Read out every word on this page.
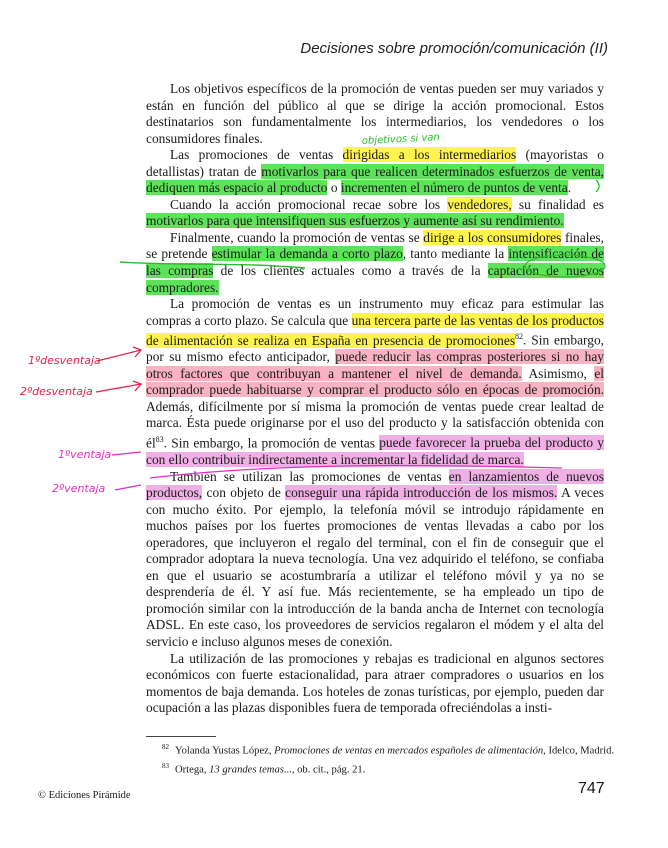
Decisiones sobre promoción/comunicación (II)

Los objetivos específicos de la promoción de ventas pueden ser muy variados y están en función del público al que se dirige la acción promocional. Estos destinatarios son fundamentalmente los intermediarios, los vendedores o los consumidores finales.

Las promociones de ventas dirigidas a los intermediarios (mayoristas o detallistas) tratan de motivarlos para que realicen determinados esfuerzos de venta, dediquen más espacio al producto o incrementen el número de puntos de venta.

Cuando la acción promocional recae sobre los vendedores, su finalidad es motivarlos para que intensifiquen sus esfuerzos y aumente así su rendimiento.

Finalmente, cuando la promoción de ventas se dirige a los consumidores finales, se pretende estimular la demanda a corto plazo, tanto mediante la intensificación de las compras de los clientes actuales como a través de la captación de nuevos compradores.

La promoción de ventas es un instrumento muy eficaz para estimular las compras a corto plazo. Se calcula que una tercera parte de las ventas de los productos de alimentación se realiza en España en presencia de promociones$^{82}$. Sin embargo, por su mismo efecto anticipador, puede reducir las compras posteriores si no hay otros factores que contribuyan a mantener el nivel de demanda. Asimismo, el comprador puede habituarse y comprar el producto sólo en épocas de promoción. Además, difícilmente por sí misma la promoción de ventas puede crear lealtad de marca. Ésta puede originarse por el uso del producto y la satisfacción obtenida con $él^{83}$. Sin embargo, la promoción de ventas puede favorecer la prueba del producto y con ello contribuir indirectamente a incrementar la fidelidad de marca.

También se utilizan las promociones de ventas en lanzamientos de nuevos productos, con objeto de conseguir una rápida introducción de los mismos. A veces con mucho éxito. Por ejemplo, la telefonía móvil se introdujo rápidamente en muchos países por los fuertes promociones de ventas llevadas a cabo por los operadores, que incluyeron el regalo del terminal, con el fin de conseguir que el comprador adoptara la nueva tecnología. Una vez adquirido el teléfono, se confiaba en que el usuario se acostumbraría a utilizar el teléfono móvil y ya no se desprendería de él. Y así fue. Más recientemente, se ha empleado un tipo de promoción similar con la introducción de la banda ancha de Internet con tecnología ADSL. En este caso, los proveedores de servicios regalaron el módem y el alta del servicio e incluso algunos meses de conexión.

La utilización de las promociones y rebajas es tradicional en algunos sectores económicos con fuerte estacionalidad, para atraer compradores o usuarios en los momentos de baja demanda. Los hoteles de zonas turísticas, por ejemplo, pueden dar ocupación a las plazas disponibles fuera de temporada ofreciéndolas a insti-

$^{82}$ Yolanda Yustas López, Promociones de ventas en mercados españoles de alimentación, Idelco, Madrid.
$^{83}$ Ortega, 13 grandes temas..., ob. cit., pág. 21.
© Ediciones Pirámide	747
objetivos si van
1ºdesventaja
2ºdesventaja
1ºventaja
2ºventaja
